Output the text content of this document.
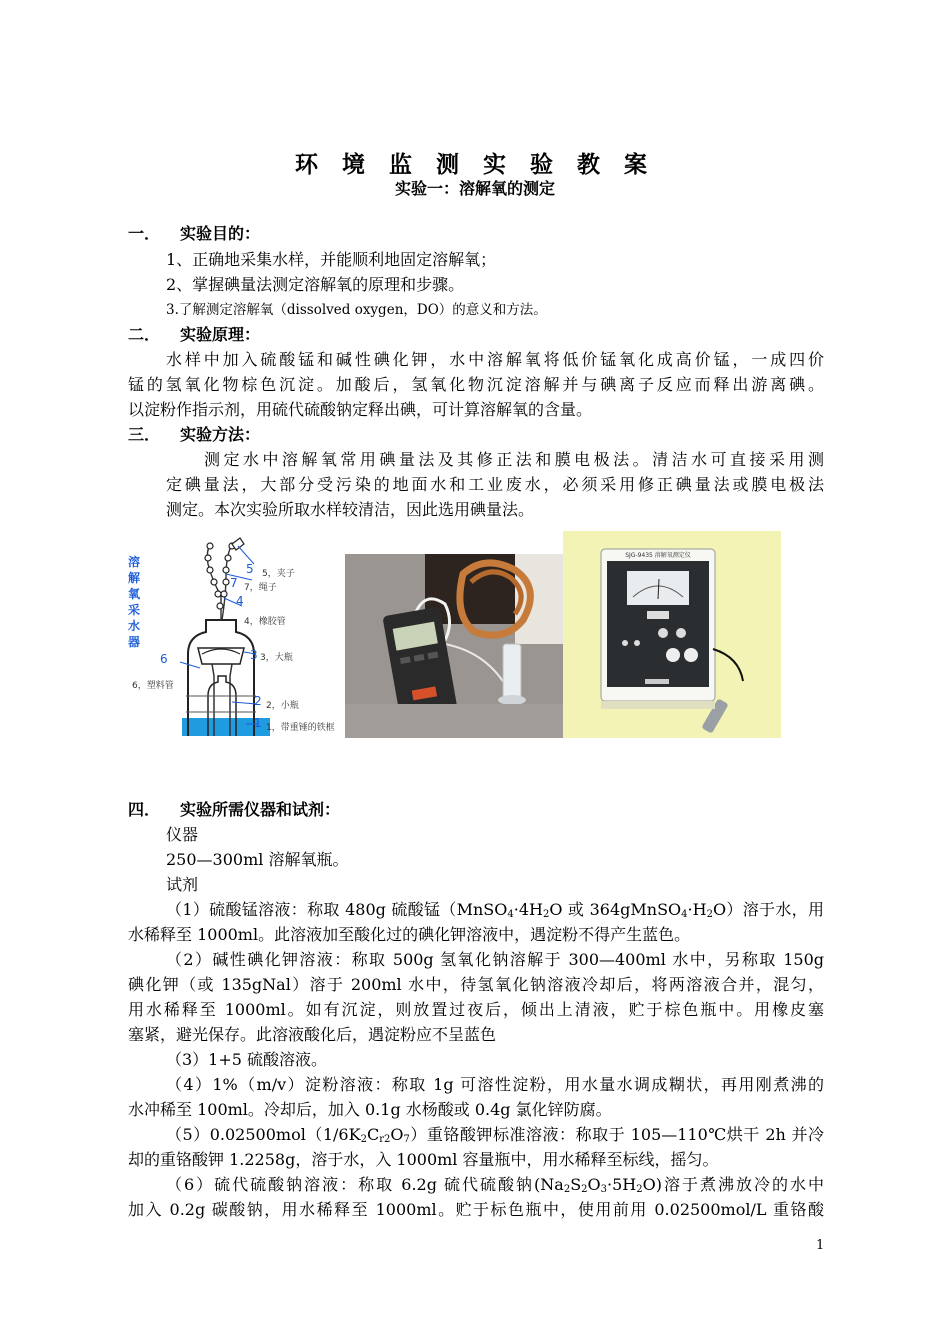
环 境 监 测 实 验 教 案
实验一：溶解氧的测定
一． 实验目的：
1、正确地采集水样，并能顺利地固定溶解氧；
2、掌握碘量法测定溶解氧的原理和步骤。
3.了解测定溶解氧（dissolved oxygen，DO）的意义和方法。
二． 实验原理：
水样中加入硫酸锰和碱性碘化钾，水中溶解氧将低价锰氧化成高价锰，一成四价
锰的氢氧化物棕色沉淀。加酸后，氢氧化物沉淀溶解并与碘离子反应而释出游离碘。
以淀粉作指示剂，用硫代硫酸钠定释出碘，可计算溶解氧的含量。
三． 实验方法：
测定水中溶解氧常用碘量法及其修正法和膜电极法。清洁水可直接采用测
定碘量法，大部分受污染的地面水和工业废水，必须采用修正碘量法或膜电极法
测定。本次实验所取水样较清洁，因此选用碘量法。
溶
解
氧
采
水
器
5
7
4
3
6
2
1
5，夹子
7，绳子
4，橡胶管
3，大瓶
6，塑料管
2，小瓶
1，带重锤的铁框
SJG-9435 溶解氧测定仪
四． 实验所需仪器和试剂：
仪器
250—300ml 溶解氧瓶。
试剂
（1）硫酸锰溶液：称取 480g 硫酸锰（$MnSO_4\cdot 4H_2O$ 或 $364gMnSO_4\cdot H_2O$）溶于水，用
水稀释至 1000ml。此溶液加至酸化过的碘化钾溶液中，遇淀粉不得产生蓝色。
（2）碱性碘化钾溶液：称取 500g 氢氧化钠溶解于 300—400ml 水中，另称取 150g
碘化钾（或 135gNal）溶于 200ml 水中，待氢氧化钠溶液冷却后，将两溶液合并，混匀，
用水稀释至 1000ml。如有沉淀，则放置过夜后，倾出上清液，贮于棕色瓶中。用橡皮塞
塞紧，避光保存。此溶液酸化后，遇淀粉应不呈蓝色
（3）1+5 硫酸溶液。
（4）1%（m/v）淀粉溶液：称取 1g 可溶性淀粉，用水量水调成糊状，再用刚煮沸的
水冲稀至 100ml。冷却后，加入 0.1g 水杨酸或 0.4g 氯化锌防腐。
$(5)0.02500mol(1/6K_2C_{r2}O_7)$重铬酸钾标准溶液：称取于 105—110℃烘干 2h 并冷
却的重铬酸钾 1.2258g，溶于水，入 1000ml 容量瓶中，用水稀释至标线，摇匀。
（6）硫代硫酸钠溶液：称取 6.2g 硫代硫酸钠$(Na_2S_2O_3\cdot 5H_2O)$溶于煮沸放冷的水中
加入 0.2g 碳酸钠，用水稀释至 1000ml。贮于标色瓶中，使用前用 0.02500mol/L 重铬酸
1
